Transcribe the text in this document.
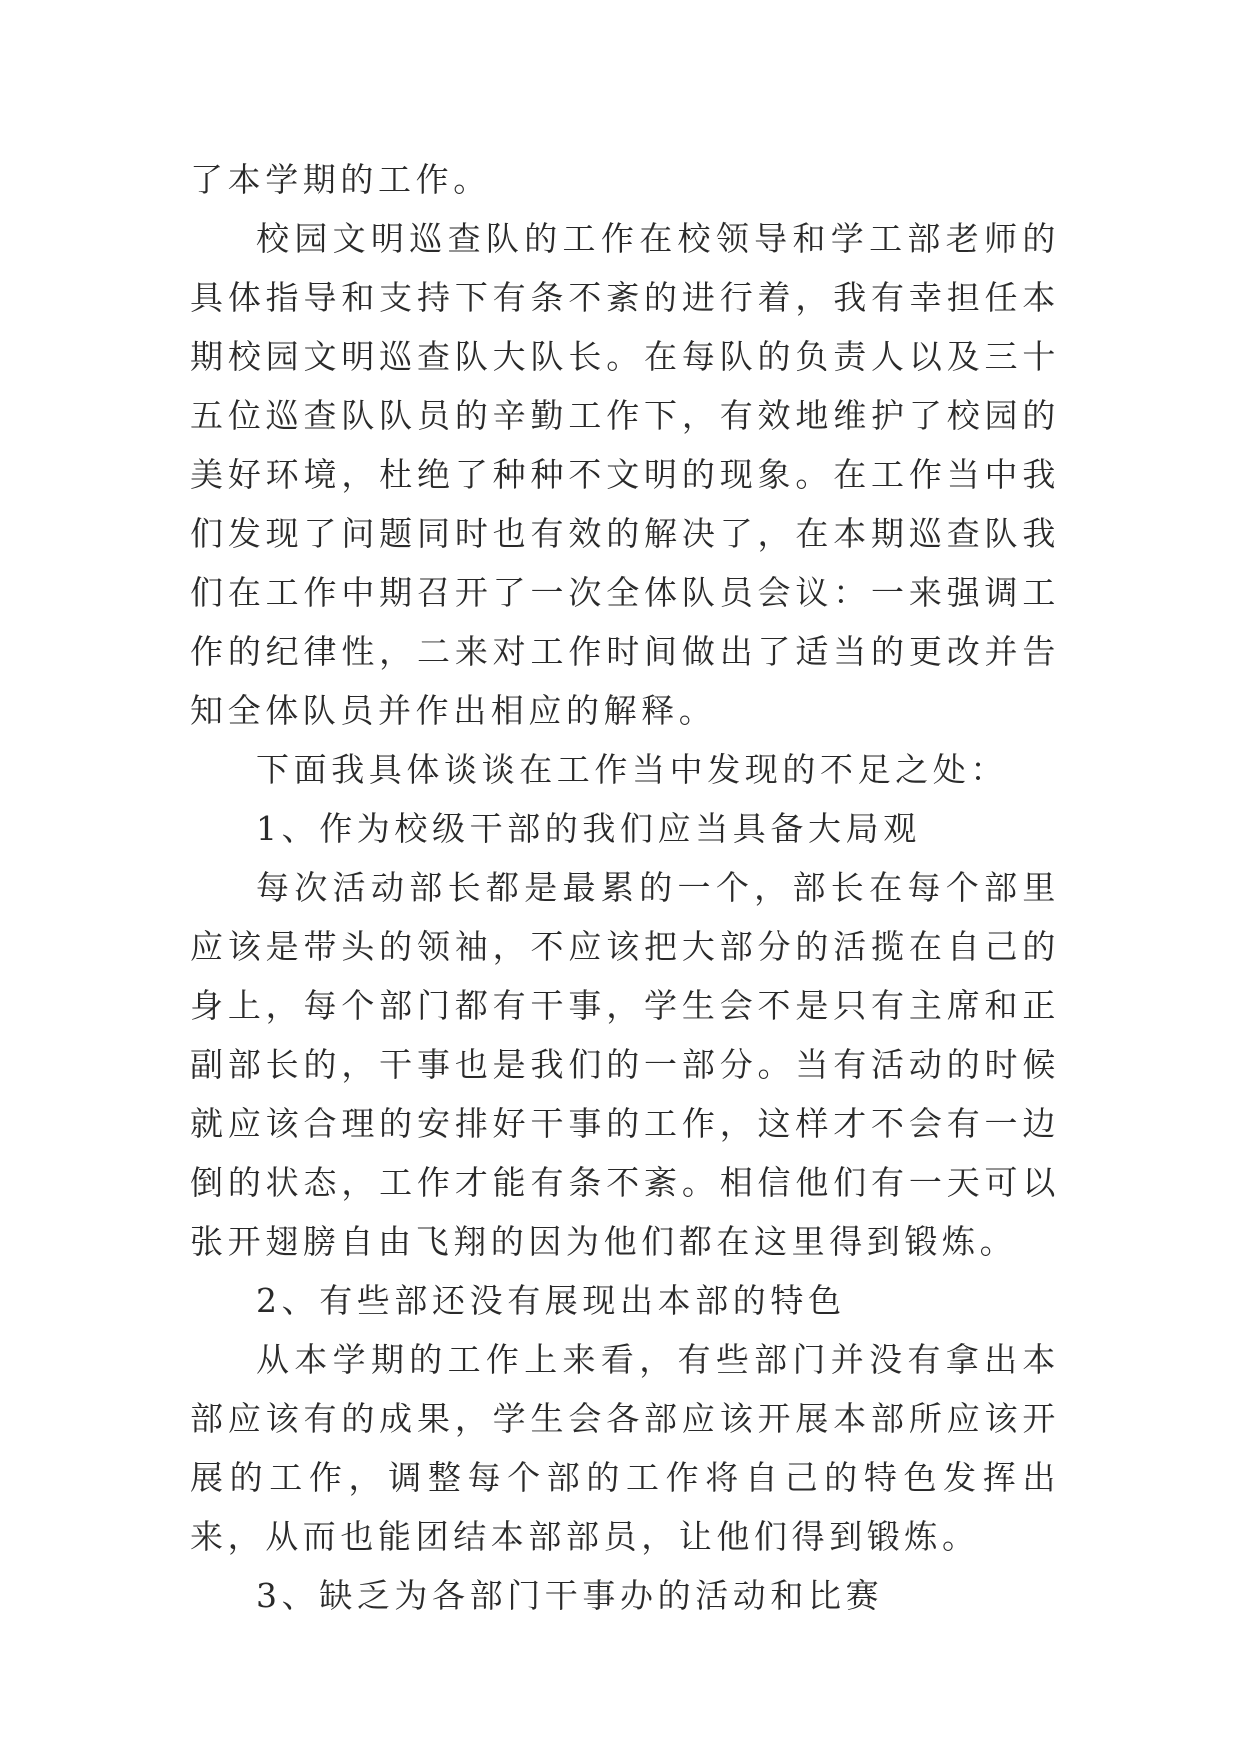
了本学期的工作。

校园文明巡查队的工作在校领导和学工部老师的具体指导和支持下有条不紊的进行着，我有幸担任本期校园文明巡查队大队长。在每队的负责人以及三十五位巡查队队员的辛勤工作下，有效地维护了校园的美好环境，杜绝了种种不文明的现象。在工作当中我们发现了问题同时也有效的解决了，在本期巡查队我们在工作中期召开了一次全体队员会议：一来强调工作的纪律性，二来对工作时间做出了适当的更改并告知全体队员并作出相应的解释。

下面我具体谈谈在工作当中发现的不足之处：

1、作为校级干部的我们应当具备大局观

每次活动部长都是最累的一个，部长在每个部里应该是带头的领袖，不应该把大部分的活揽在自己的身上，每个部门都有干事，学生会不是只有主席和正副部长的，干事也是我们的一部分。当有活动的时候就应该合理的安排好干事的工作，这样才不会有一边倒的状态，工作才能有条不紊。相信他们有一天可以张开翅膀自由飞翔的因为他们都在这里得到锻炼。

2、有些部还没有展现出本部的特色

从本学期的工作上来看，有些部门并没有拿出本部应该有的成果，学生会各部应该开展本部所应该开展的工作，调整每个部的工作将自己的特色发挥出来，从而也能团结本部部员，让他们得到锻炼。

3、缺乏为各部门干事办的活动和比赛
